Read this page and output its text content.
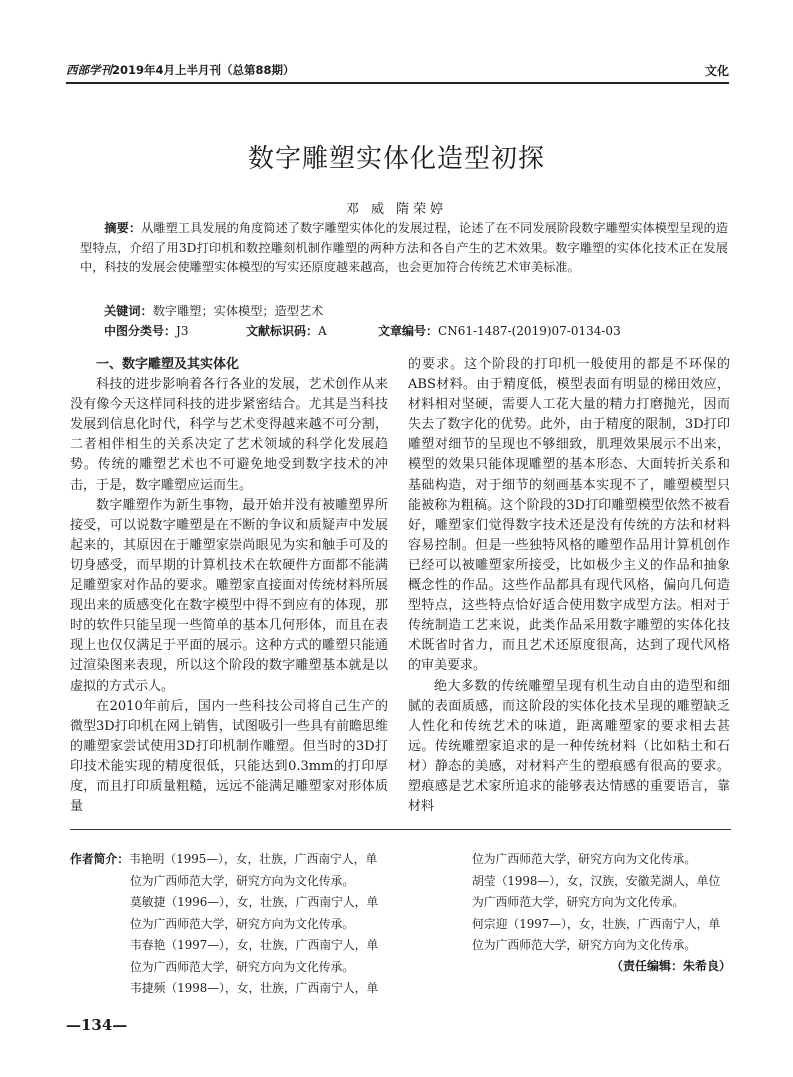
西部学刊2019年4月上半月刊（总第88期）	文化
数字雕塑实体化造型初探
邓 威 隋荣婷
摘要：从雕塑工具发展的角度简述了数字雕塑实体化的发展过程，论述了在不同发展阶段数字雕塑实体模型呈现的造型特点，介绍了用3D打印机和数控雕刻机制作雕塑的两种方法和各自产生的艺术效果。数字雕塑的实体化技术正在发展中，科技的发展会使雕塑实体模型的写实还原度越来越高，也会更加符合传统艺术审美标准。
关键词：数字雕塑；实体模型；造型艺术
中图分类号：J3	文献标识码：A	文章编号：CN61-1487-(2019)07-0134-03
一、数字雕塑及其实体化

科技的进步影响着各行各业的发展，艺术创作从来没有像今天这样同科技的进步紧密结合。尤其是当科技发展到信息化时代，科学与艺术变得越来越不可分割，二者相伴相生的关系决定了艺术领域的科学化发展趋势。传统的雕塑艺术也不可避免地受到数字技术的冲击，于是，数字雕塑应运而生。

数字雕塑作为新生事物，最开始并没有被雕塑界所接受，可以说数字雕塑是在不断的争议和质疑声中发展起来的，其原因在于雕塑家崇尚眼见为实和触手可及的切身感受，而早期的计算机技术在软硬件方面都不能满足雕塑家对作品的要求。雕塑家直接面对传统材料所展现出来的质感变化在数字模型中得不到应有的体现，那时的软件只能呈现一些简单的基本几何形体，而且在表现上也仅仅满足于平面的展示。这种方式的雕塑只能通过渲染图来表现，所以这个阶段的数字雕塑基本就是以虚拟的方式示人。

在2010年前后，国内一些科技公司将自己生产的微型3D打印机在网上销售，试图吸引一些具有前瞻思维的雕塑家尝试使用3D打印机制作雕塑。但当时的3D打印技术能实现的精度很低，只能达到0.3mm的打印厚度，而且打印质量粗糙，远远不能满足雕塑家对形体质量

的要求。这个阶段的打印机一般使用的都是不环保的ABS材料。由于精度低，模型表面有明显的梯田效应，材料相对坚硬，需要人工花大量的精力打磨抛光，因而失去了数字化的优势。此外，由于精度的限制，3D打印雕塑对细节的呈现也不够细致，肌理效果展示不出来，模型的效果只能体现雕塑的基本形态、大面转折关系和基础构造，对于细节的刻画基本实现不了，雕塑模型只能被称为粗稿。这个阶段的3D打印雕塑模型依然不被看好，雕塑家们觉得数字技术还是没有传统的方法和材料容易控制。但是一些独特风格的雕塑作品用计算机创作已经可以被雕塑家所接受，比如极少主义的作品和抽象概念性的作品。这些作品都具有现代风格，偏向几何造型特点，这些特点恰好适合使用数字成型方法。相对于传统制造工艺来说，此类作品采用数字雕塑的实体化技术既省时省力，而且艺术还原度很高，达到了现代风格的审美要求。

绝大多数的传统雕塑呈现有机生动自由的造型和细腻的表面质感，而这阶段的实体化技术呈现的雕塑缺乏人性化和传统艺术的味道，距离雕塑家的要求相去甚远。传统雕塑家追求的是一种传统材料（比如粘土和石材）静态的美感，对材料产生的塑痕感有很高的要求。塑痕感是艺术家所追求的能够表达情感的重要语言，靠材料

作者简介：韦艳明（1995—），女，壮族，广西南宁人，单
位为广西师范大学，研究方向为文化传承。
莫敏捷（1996—），女，壮族，广西南宁人，单
位为广西师范大学，研究方向为文化传承。
韦春艳（1997—），女，壮族，广西南宁人，单
位为广西师范大学，研究方向为文化传承。
韦捷频（1998—），女，壮族，广西南宁人，单
位为广西师范大学，研究方向为文化传承。
胡莹（1998—），女，汉族，安徽芜湖人，单位
为广西师范大学，研究方向为文化传承。
何宗迎（1997—），女，壮族，广西南宁人，单
位为广西师范大学，研究方向为文化传承。
（责任编辑：朱希良）
—134—
